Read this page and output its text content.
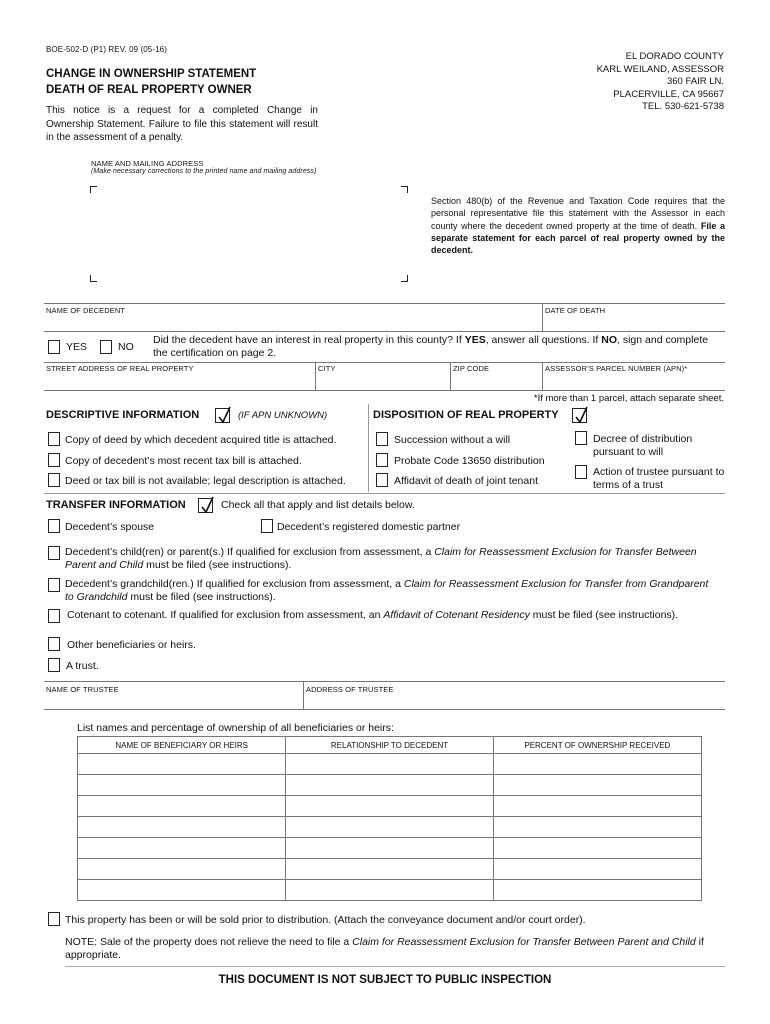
BOE-502-D (P1) REV. 09 (05-16)
CHANGE IN OWNERSHIP STATEMENT
DEATH OF REAL PROPERTY OWNER
This notice is a request for a completed Change in Ownership Statement. Failure to file this statement will result in the assessment of a penalty.
EL DORADO COUNTY
KARL WEILAND, ASSESSOR
360 FAIR LN.
PLACERVILLE, CA 95667
TEL. 530-621-5738
NAME AND MAILING ADDRESS
(Make necessary corrections to the printed name and mailing address)
Section 480(b) of the Revenue and Taxation Code requires that the personal representative file this statement with the Assessor in each county where the decedent owned property at the time of death. File a separate statement for each parcel of real property owned by the decedent.
NAME OF DECEDENT	DATE OF DEATH
YES	NO
Did the decedent have an interest in real property in this county? If YES, answer all questions. If NO, sign and complete the certification on page 2.
STREET ADDRESS OF REAL PROPERTY	CITY	ZIP CODE	ASSESSOR’S PARCEL NUMBER (APN)*
*If more than 1 parcel, attach separate sheet.
DESCRIPTIVE INFORMATION	(IF APN UNKNOWN)
Copy of deed by which decedent acquired title is attached.
Copy of decedent’s most recent tax bill is attached.
Deed or tax bill is not available; legal description is attached.
DISPOSITION OF REAL PROPERTY
Succession without a will
Probate Code 13650 distribution
Affidavit of death of joint tenant
Decree of distribution pursuant to will
Action of trustee pursuant to terms of a trust
TRANSFER INFORMATION	Check all that apply and list details below.
Decedent’s spouse	Decedent’s registered domestic partner
Decedent’s child(ren) or parent(s.) If qualified for exclusion from assessment, a Claim for Reassessment Exclusion for Transfer Between Parent and Child must be filed (see instructions).
Decedent’s grandchild(ren.) If qualified for exclusion from assessment, a Claim for Reassessment Exclusion for Transfer from Grandparent to Grandchild must be filed (see instructions).
Cotenant to cotenant. If qualified for exclusion from assessment, an Affidavit of Cotenant Residency must be filed (see instructions).
Other beneficiaries or heirs.
A trust.
NAME OF TRUSTEE	ADDRESS OF TRUSTEE
List names and percentage of ownership of all beneficiaries or heirs:
NAME OF BENEFICIARY OR HEIRS	RELATIONSHIP TO DECEDENT	PERCENT OF OWNERSHIP RECEIVED

This property has been or will be sold prior to distribution. (Attach the conveyance document and/or court order).
NOTE: Sale of the property does not relieve the need to file a Claim for Reassessment Exclusion for Transfer Between Parent and Child if appropriate.
THIS DOCUMENT IS NOT SUBJECT TO PUBLIC INSPECTION
